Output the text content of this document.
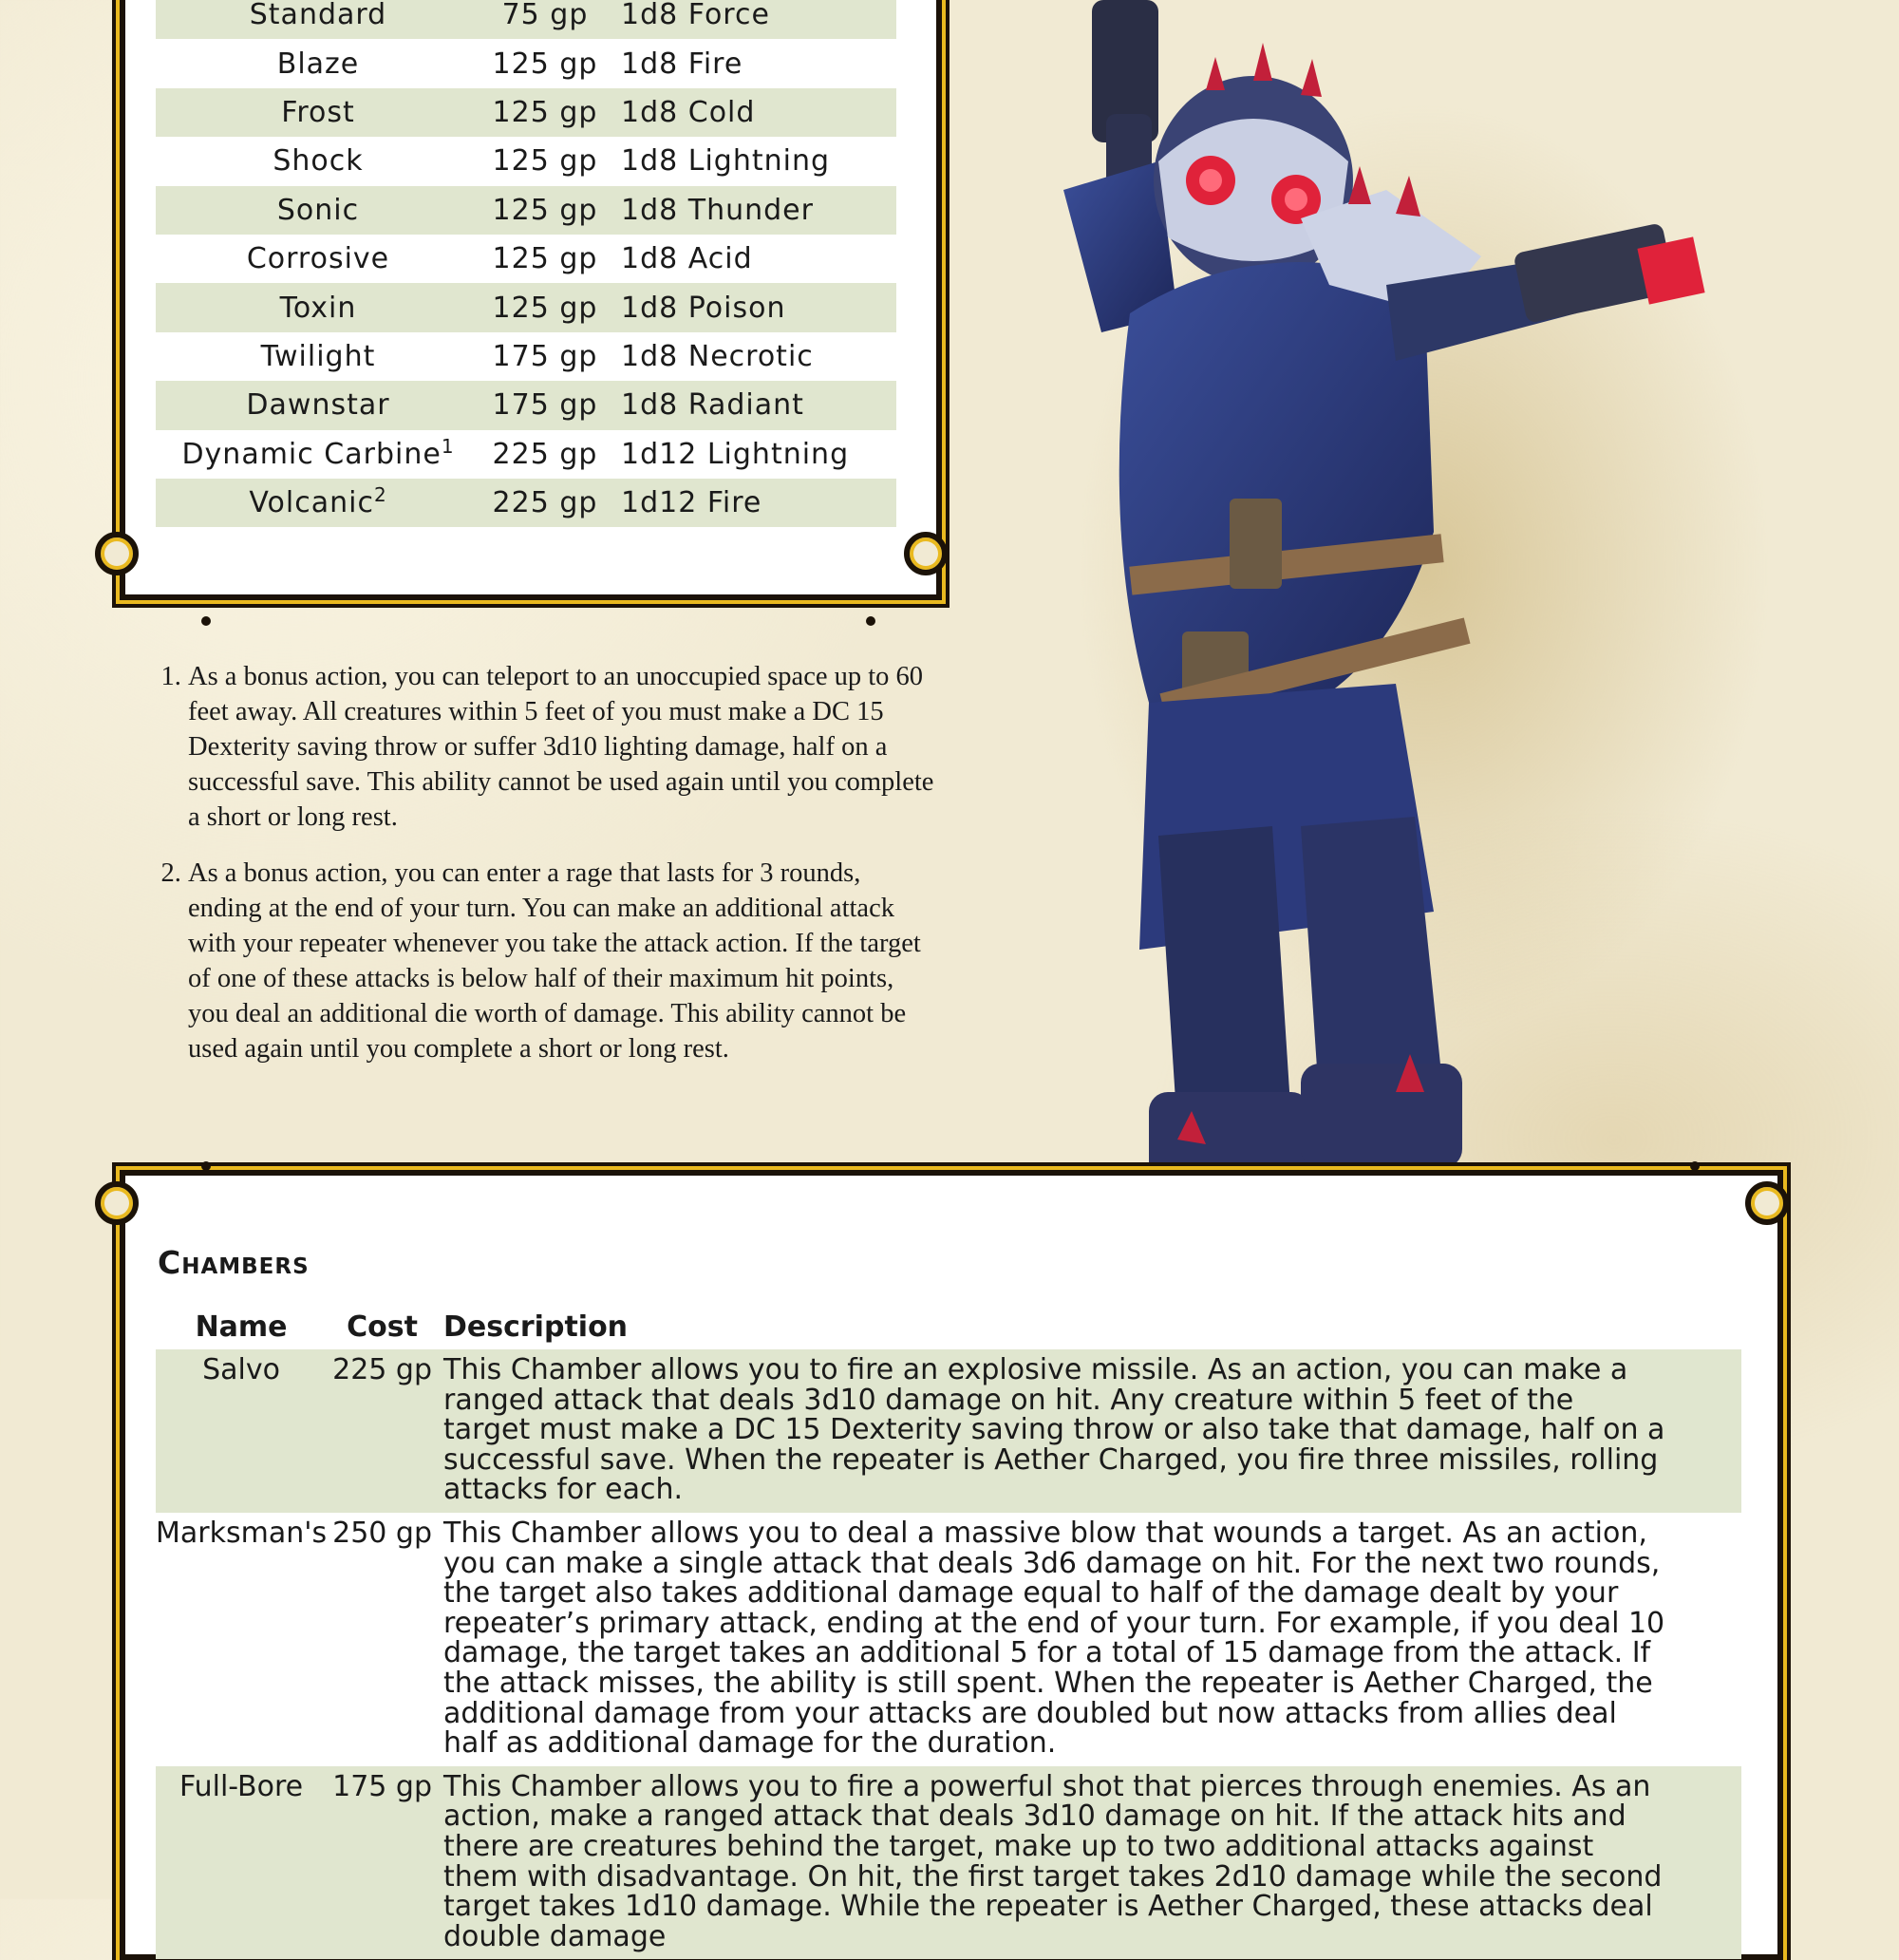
Standard	75 gp	1d8 Force
Blaze	125 gp	1d8 Fire
Frost	125 gp	1d8 Cold
Shock	125 gp	1d8 Lightning
Sonic	125 gp	1d8 Thunder
Corrosive	125 gp	1d8 Acid
Toxin	125 gp	1d8 Poison
Twilight	175 gp	1d8 Necrotic
Dawnstar	175 gp	1d8 Radiant
Dynamic Carbine$^1$	225 gp	1d12 Lightning
Volcanic$^2$	225 gp	1d12 Fire
1. As a bonus action, you can teleport to an unoccupied space up to 60 feet away. All creatures within 5 feet of you must make a DC 15 Dexterity saving throw or suffer 3d10 lighting damage, half on a successful save. This ability cannot be used again until you complete a short or long rest.
2. As a bonus action, you can enter a rage that lasts for 3 rounds, ending at the end of your turn. You can make an additional attack with your repeater whenever you take the attack action. If the target of one of these attacks is below half of their maximum hit points, you deal an additional die worth of damage. This ability cannot be used again until you complete a short or long rest.
Chambers
Name	Cost	Description
Salvo	225 gp	This Chamber allows you to fire an explosive missile. As an action, you can make a ranged attack that deals 3d10 damage on hit. Any creature within 5 feet of the target must make a DC 15 Dexterity saving throw or also take that damage, half on a successful save. When the repeater is Aether Charged, you fire three missiles, rolling attacks for each.
Marksman's	250 gp	This Chamber allows you to deal a massive blow that wounds a target. As an action, you can make a single attack that deals 3d6 damage on hit. For the next two rounds, the target also takes additional damage equal to half of the damage dealt by your repeater’s primary attack, ending at the end of your turn. For example, if you deal 10 damage, the target takes an additional 5 for a total of 15 damage from the attack. If the attack misses, the ability is still spent. When the repeater is Aether Charged, the additional damage from your attacks are doubled but now attacks from allies deal half as additional damage for the duration.
Full-Bore	175 gp	This Chamber allows you to fire a powerful shot that pierces through enemies. As an action, make a ranged attack that deals 3d10 damage on hit. If the attack hits and there are creatures behind the target, make up to two additional attacks against them with disadvantage. On hit, the first target takes 2d10 damage while the second target takes 1d10 damage. While the repeater is Aether Charged, these attacks deal double damage
